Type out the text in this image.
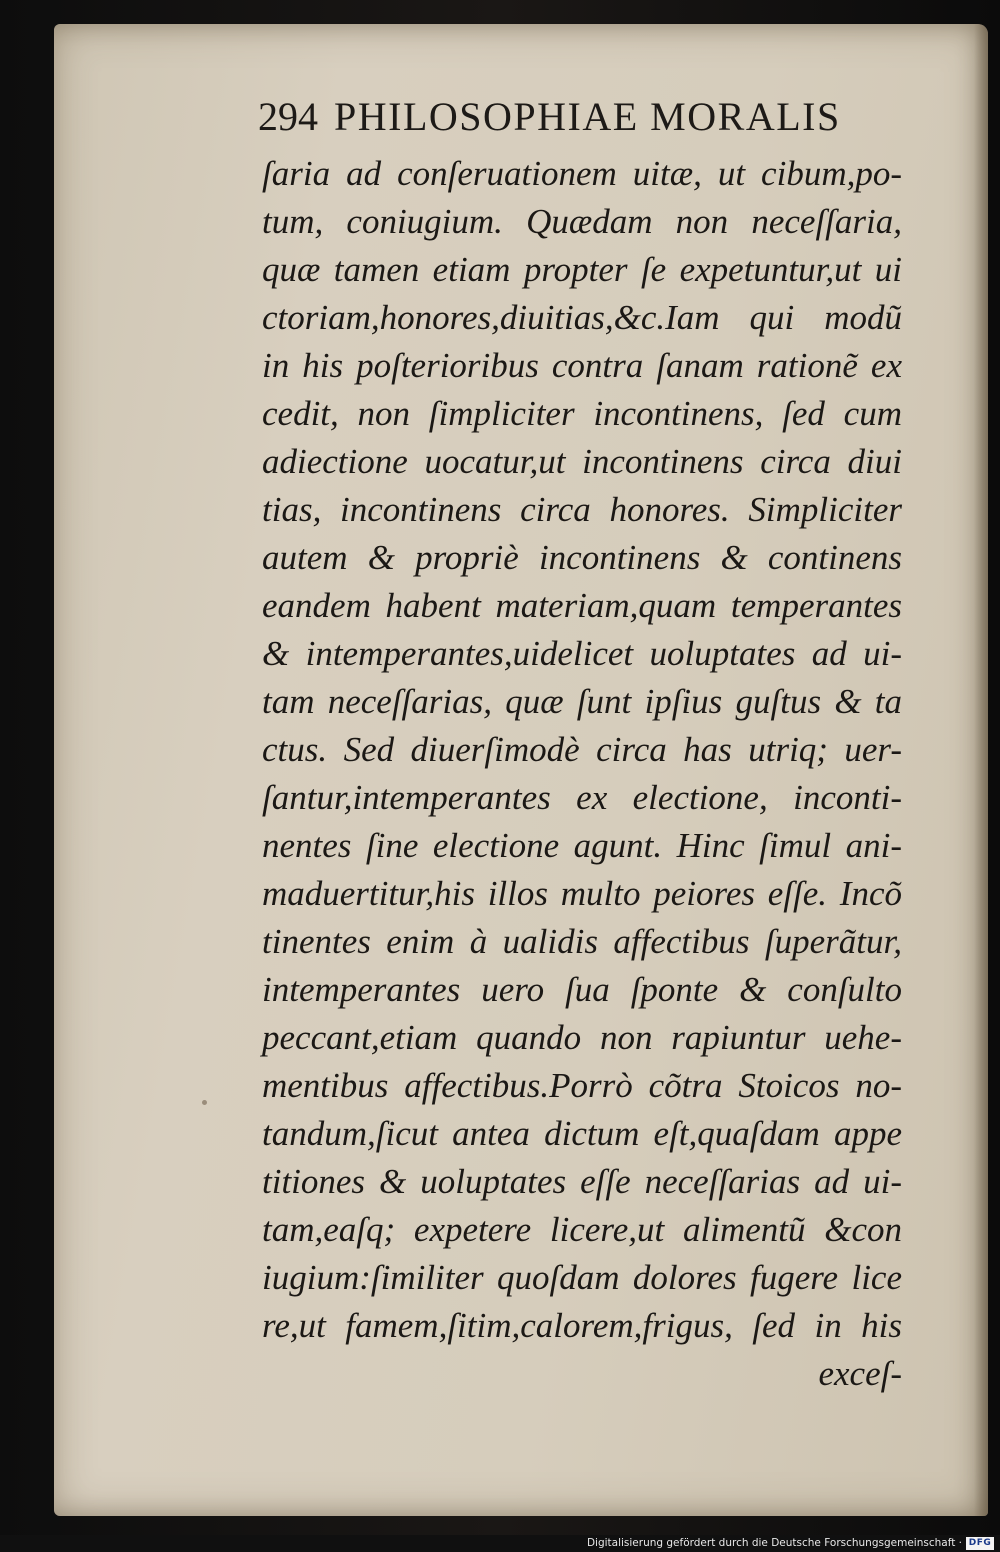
294 PHILOSOPHIAE MORALIS
ſaria ad conſeruationem uitæ, ut cibum,po-
tum, coniugium. Quædam non neceſſaria,
quæ tamen etiam propter ſe expetuntur,ut ui
ctoriam,honores,diuitias,&c.Iam qui modũ
in his poſterioribus contra ſanam rationẽ ex
cedit, non ſimpliciter incontinens, ſed cum
adiectione uocatur,ut incontinens circa diui
tias, incontinens circa honores. Simpliciter
autem & propriè incontinens & continens
eandem habent materiam,quam temperantes
& intemperantes,uidelicet uoluptates ad ui-
tam neceſſarias, quæ ſunt ipſius guſtus & ta
ctus. Sed diuerſimodè circa has utriq; uer-
ſantur,intemperantes ex electione, inconti-
nentes ſine electione agunt. Hinc ſimul ani-
maduertitur,his illos multo peiores eſſe. Incõ
tinentes enim à ualidis affectibus ſuperãtur,
intemperantes uero ſua ſponte & conſulto
peccant,etiam quando non rapiuntur uehe-
mentibus affectibus.Porrò cõtra Stoicos no-
tandum,ſicut antea dictum eſt,quaſdam appe
titiones & uoluptates eſſe neceſſarias ad ui-
tam,eaſq; expetere licere,ut alimentũ &con
iugium:ſimiliter quoſdam dolores fugere lice
re,ut famem,ſitim,calorem,frigus, ſed in his
exceſ-
Digitalisierung gefördert durch die Deutsche Forschungsgemeinschaft · DFG
